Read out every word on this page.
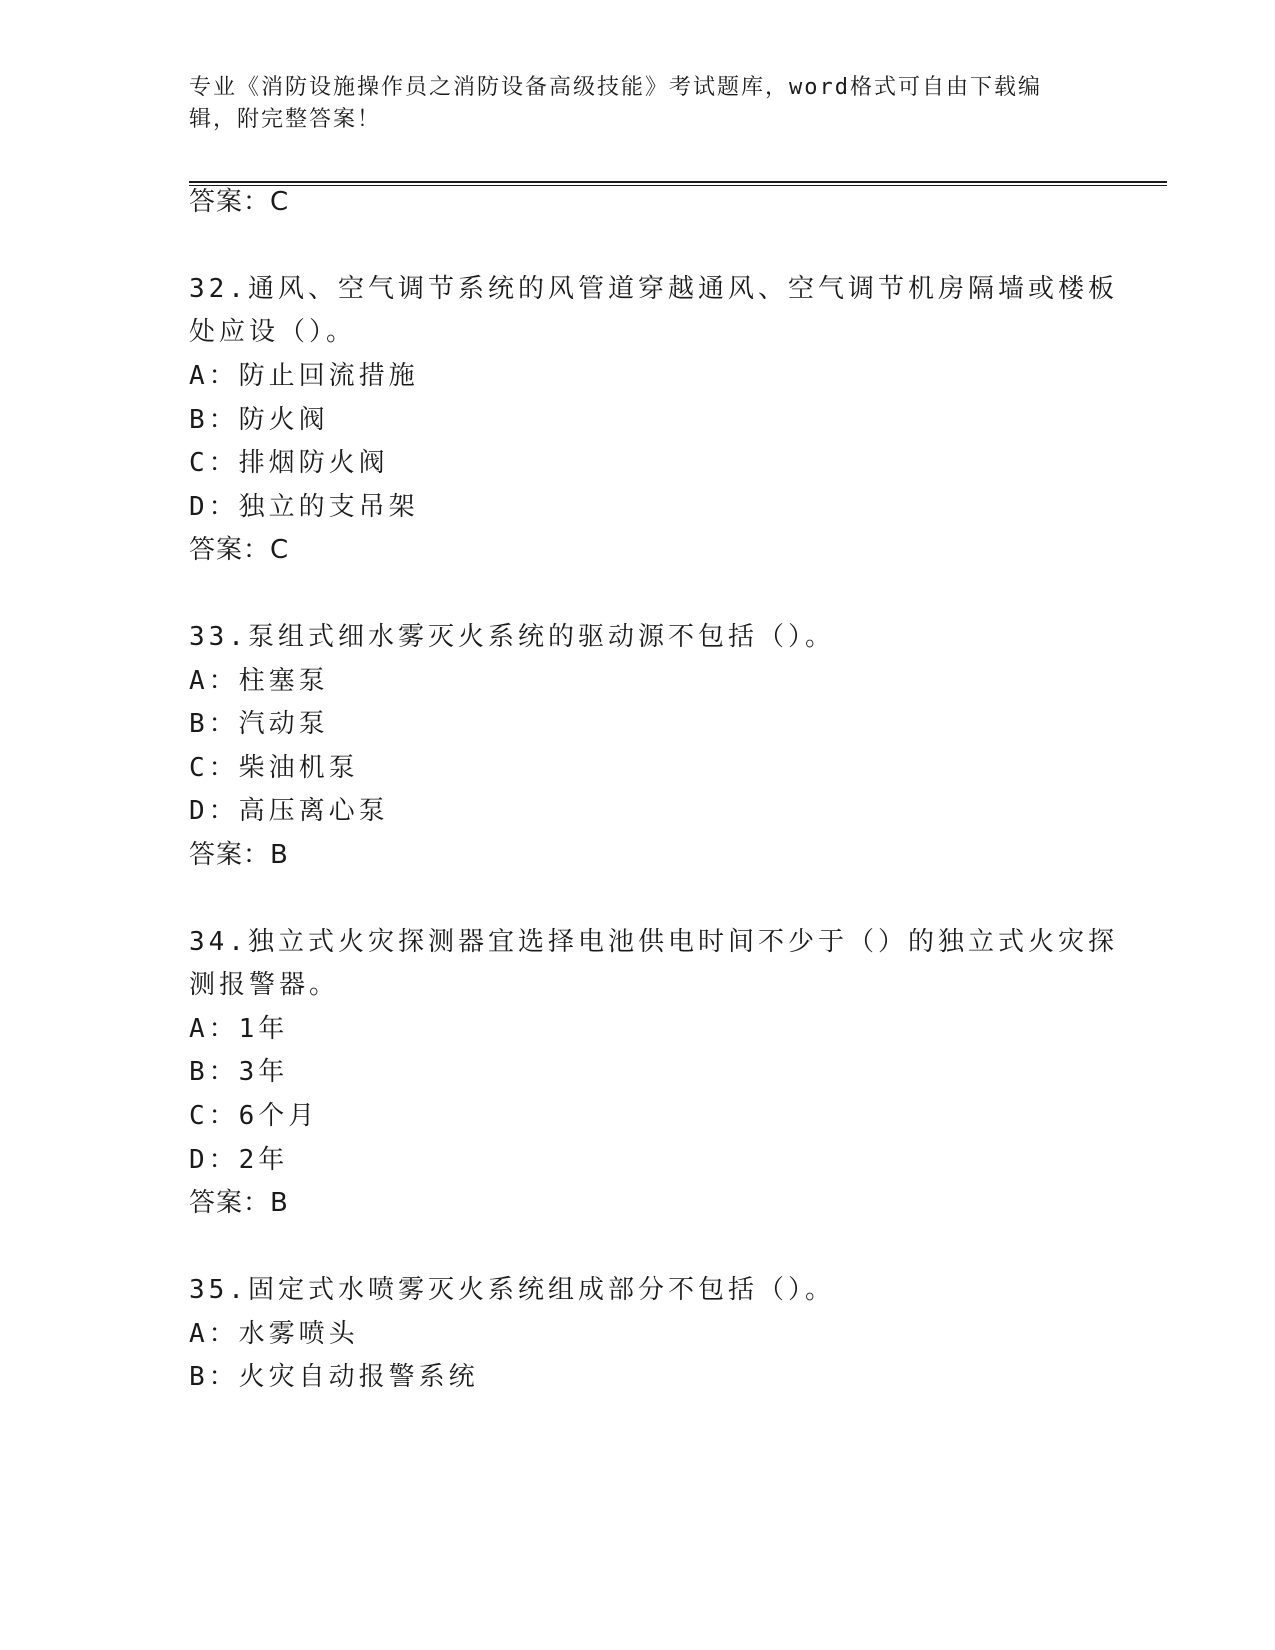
专业《消防设施操作员之消防设备高级技能》考试题库，word格式可自由下载编
辑，附完整答案！
答案：C
32.通风、空气调节系统的风管道穿越通风、空气调节机房隔墙或楼板
处应设（）。
A：防止回流措施
B：防火阀
C：排烟防火阀
D：独立的支吊架
答案：C
33.泵组式细水雾灭火系统的驱动源不包括（）。
A：柱塞泵
B：汽动泵
C：柴油机泵
D：高压离心泵
答案：B
34.独立式火灾探测器宜选择电池供电时间不少于（）的独立式火灾探
测报警器。
A：1年
B：3年
C：6个月
D：2年
答案：B
35.固定式水喷雾灭火系统组成部分不包括（）。
A：水雾喷头
B：火灾自动报警系统
